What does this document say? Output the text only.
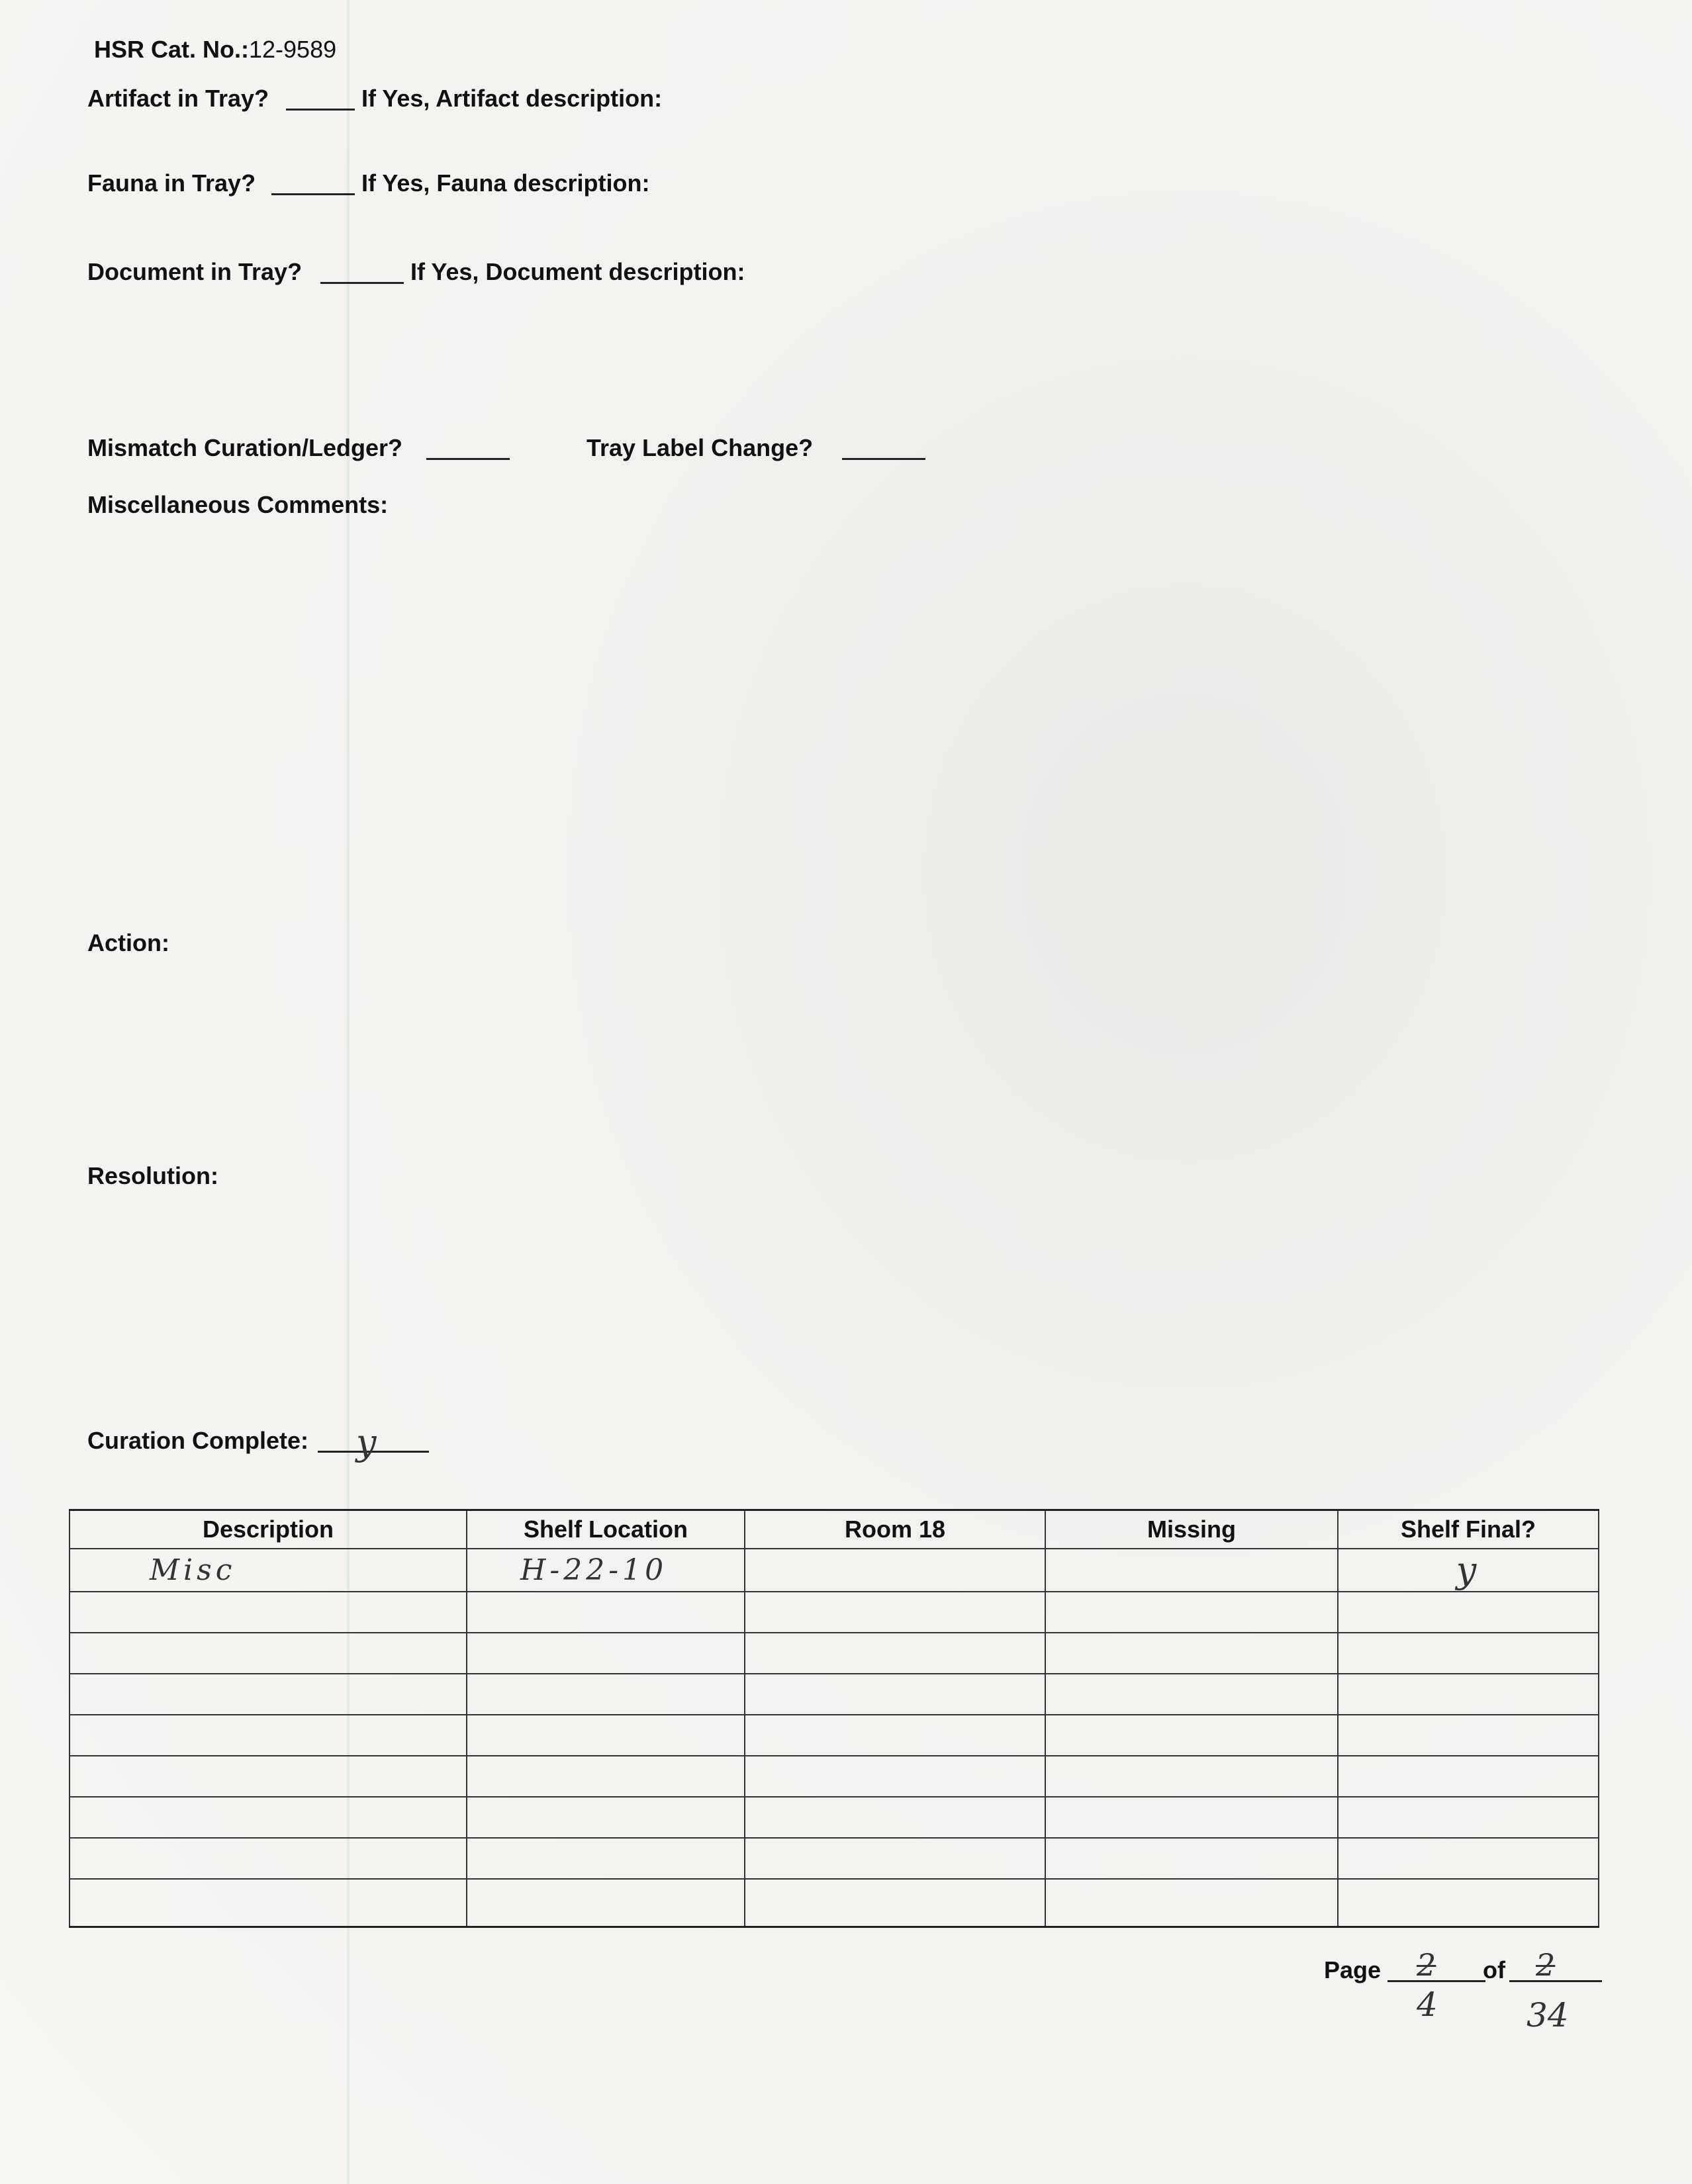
HSR Cat. No.:12-9589
Artifact in Tray?	If Yes, Artifact description:
Fauna in Tray?	If Yes, Fauna description:
Document in Tray?	If Yes, Document description:
Mismatch Curation/Ledger?	Tray Label Change?
Miscellaneous Comments:
Action:
Resolution:
Curation Complete: y
Description	Shelf Location	Room 18	Missing	Shelf Final?

Misc	H-22-10			y

Page 2
4
of 2
34
